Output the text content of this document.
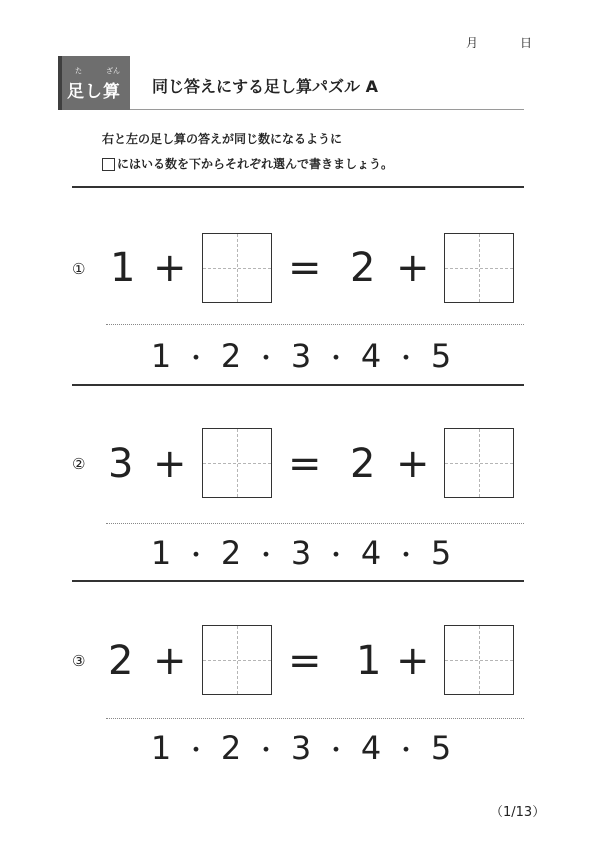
月	日
足し算
た	ざん
同じ答えにする足し算パズル A
右と左の足し算の答えが同じ数になるように
にはいる数を下からそれぞれ選んで書きましょう。
① 1 +	= 2 +
1 ・ 2 ・ 3 ・ 4 ・ 5
② 3 +	= 2 +
1 ・ 2 ・ 3 ・ 4 ・ 5
③ 2 +	= 1 +
1 ・ 2 ・ 3 ・ 4 ・ 5
（1/13）
